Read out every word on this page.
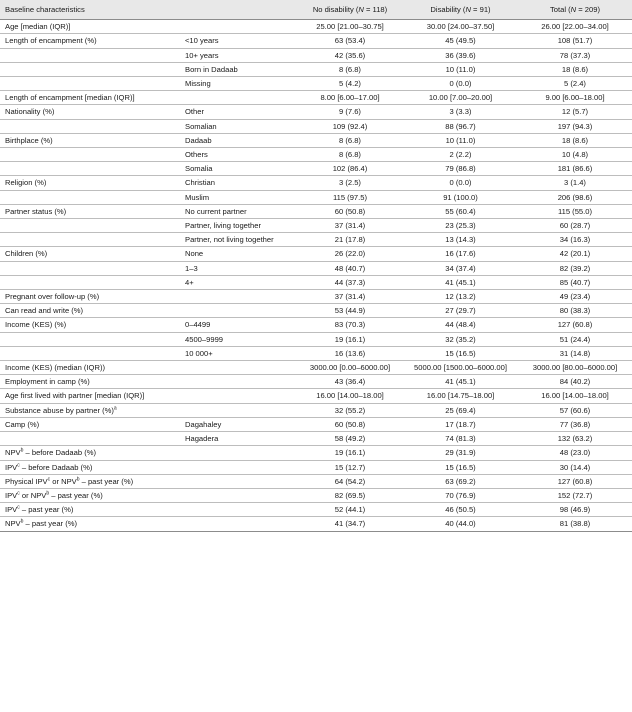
Baseline characteristics		No disability (N = 118)	Disability (N = 91)	Total (N = 209)
Age [median (IQR)]		25.00 [21.00–30.75]	30.00 [24.00–37.50]	26.00 [22.00–34.00]
Length of encampment (%)	<10 years	63 (53.4)	45 (49.5)	108 (51.7)
	10+ years	42 (35.6)	36 (39.6)	78 (37.3)
	Born in Dadaab	8 (6.8)	10 (11.0)	18 (8.6)
	Missing	5 (4.2)	0 (0.0)	5 (2.4)
Length of encampment [median (IQR)]		8.00 [6.00–17.00]	10.00 [7.00–20.00]	9.00 [6.00–18.00]
Nationality (%)	Other	9 (7.6)	3 (3.3)	12 (5.7)
	Somalian	109 (92.4)	88 (96.7)	197 (94.3)
Birthplace (%)	Dadaab	8 (6.8)	10 (11.0)	18 (8.6)
	Others	8 (6.8)	2 (2.2)	10 (4.8)
	Somalia	102 (86.4)	79 (86.8)	181 (86.6)
Religion (%)	Christian	3 (2.5)	0 (0.0)	3 (1.4)
	Muslim	115 (97.5)	91 (100.0)	206 (98.6)
Partner status (%)	No current partner	60 (50.8)	55 (60.4)	115 (55.0)
	Partner, living together	37 (31.4)	23 (25.3)	60 (28.7)
	Partner, not living together	21 (17.8)	13 (14.3)	34 (16.3)
Children (%)	None	26 (22.0)	16 (17.6)	42 (20.1)
	1–3	48 (40.7)	34 (37.4)	82 (39.2)
	4+	44 (37.3)	41 (45.1)	85 (40.7)
Pregnant over follow-up (%)		37 (31.4)	12 (13.2)	49 (23.4)
Can read and write (%)		53 (44.9)	27 (29.7)	80 (38.3)
Income (KES) (%)	0–4499	83 (70.3)	44 (48.4)	127 (60.8)
	4500–9999	19 (16.1)	32 (35.2)	51 (24.4)
	10 000+	16 (13.6)	15 (16.5)	31 (14.8)
Income (KES) (median (IQR))		3000.00 [0.00–6000.00]	5000.00 [1500.00–6000.00]	3000.00 [80.00–6000.00]
Employment in camp (%)		43 (36.4)	41 (45.1)	84 (40.2)
Age first lived with partner [median (IQR)]		16.00 [14.00–18.00]	16.00 [14.75–18.00]	16.00 [14.00–18.00]
Substance abuse by partner (%)$^a$		32 (55.2)	25 (69.4)	57 (60.6)
Camp (%)	Dagahaley	60 (50.8)	17 (18.7)	77 (36.8)
	Hagadera	58 (49.2)	74 (81.3)	132 (63.2)
NPV$^b$ – before Dadaab (%)		19 (16.1)	29 (31.9)	48 (23.0)
IPV$^c$ – before Dadaab (%)		15 (12.7)	15 (16.5)	30 (14.4)
Physical IPV$^c$ or NPV$^b$ – past year (%)		64 (54.2)	63 (69.2)	127 (60.8)
IPV$^c$ or NPV$^b$ – past year (%)		82 (69.5)	70 (76.9)	152 (72.7)
IPV$^c$ – past year (%)		52 (44.1)	46 (50.5)	98 (46.9)
NPV$^b$ – past year (%)		41 (34.7)	40 (44.0)	81 (38.8)
